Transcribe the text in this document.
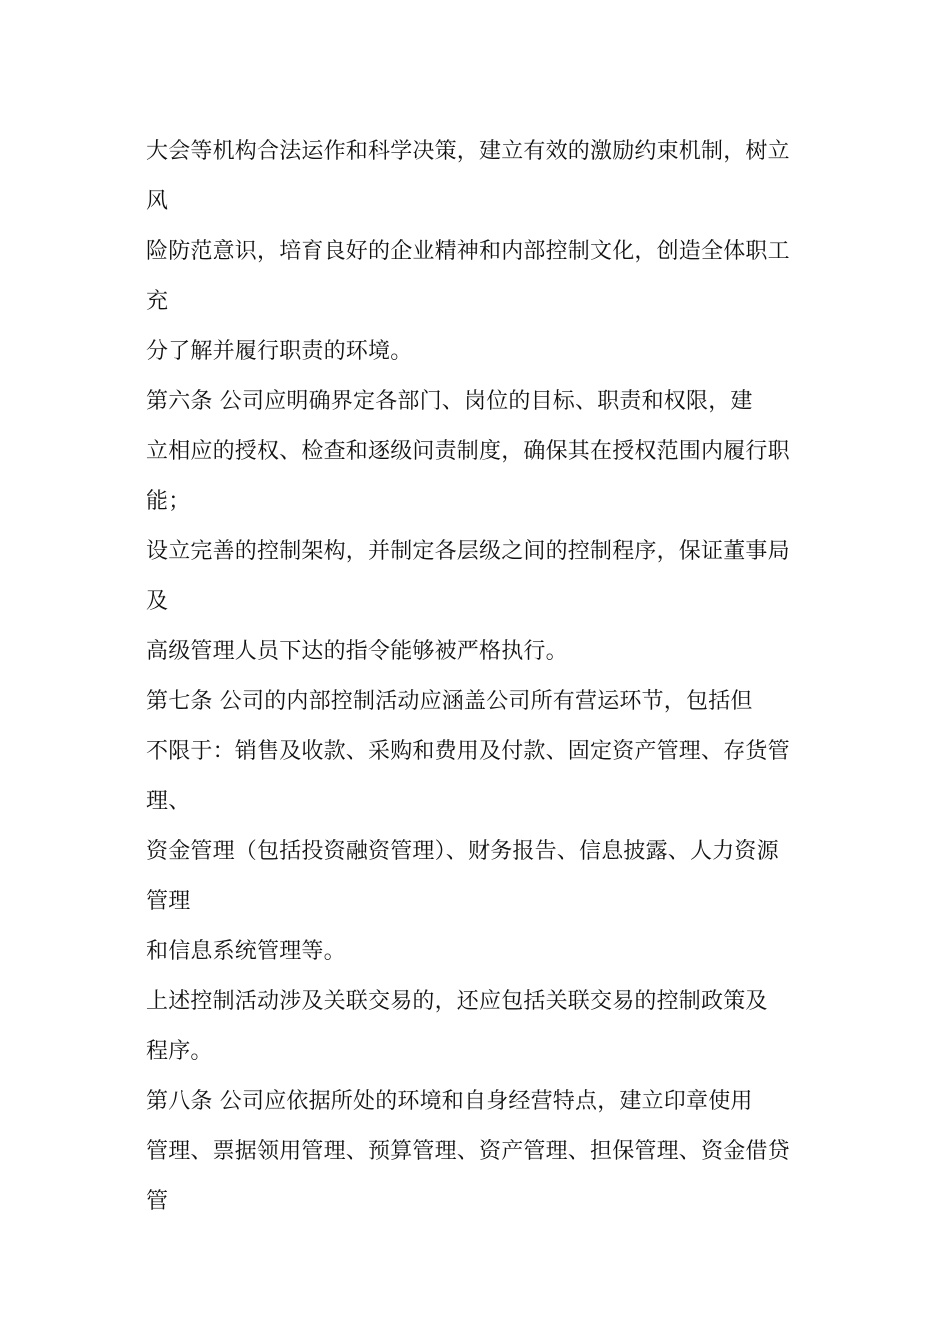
大会等机构合法运作和科学决策，建立有效的激励约束机制，树立
风
险防范意识，培育良好的企业精神和内部控制文化，创造全体职工
充
分了解并履行职责的环境。
第六条 公司应明确界定各部门、岗位的目标、职责和权限，建
立相应的授权、检查和逐级问责制度，确保其在授权范围内履行职
能；
设立完善的控制架构，并制定各层级之间的控制程序，保证董事局
及
高级管理人员下达的指令能够被严格执行。
第七条 公司的内部控制活动应涵盖公司所有营运环节，包括但
不限于：销售及收款、采购和费用及付款、固定资产管理、存货管
理、
资金管理（包括投资融资管理）、财务报告、信息披露、人力资源
管理
和信息系统管理等。
上述控制活动涉及关联交易的，还应包括关联交易的控制政策及
程序。
第八条 公司应依据所处的环境和自身经营特点，建立印章使用
管理、票据领用管理、预算管理、资产管理、担保管理、资金借贷
管
